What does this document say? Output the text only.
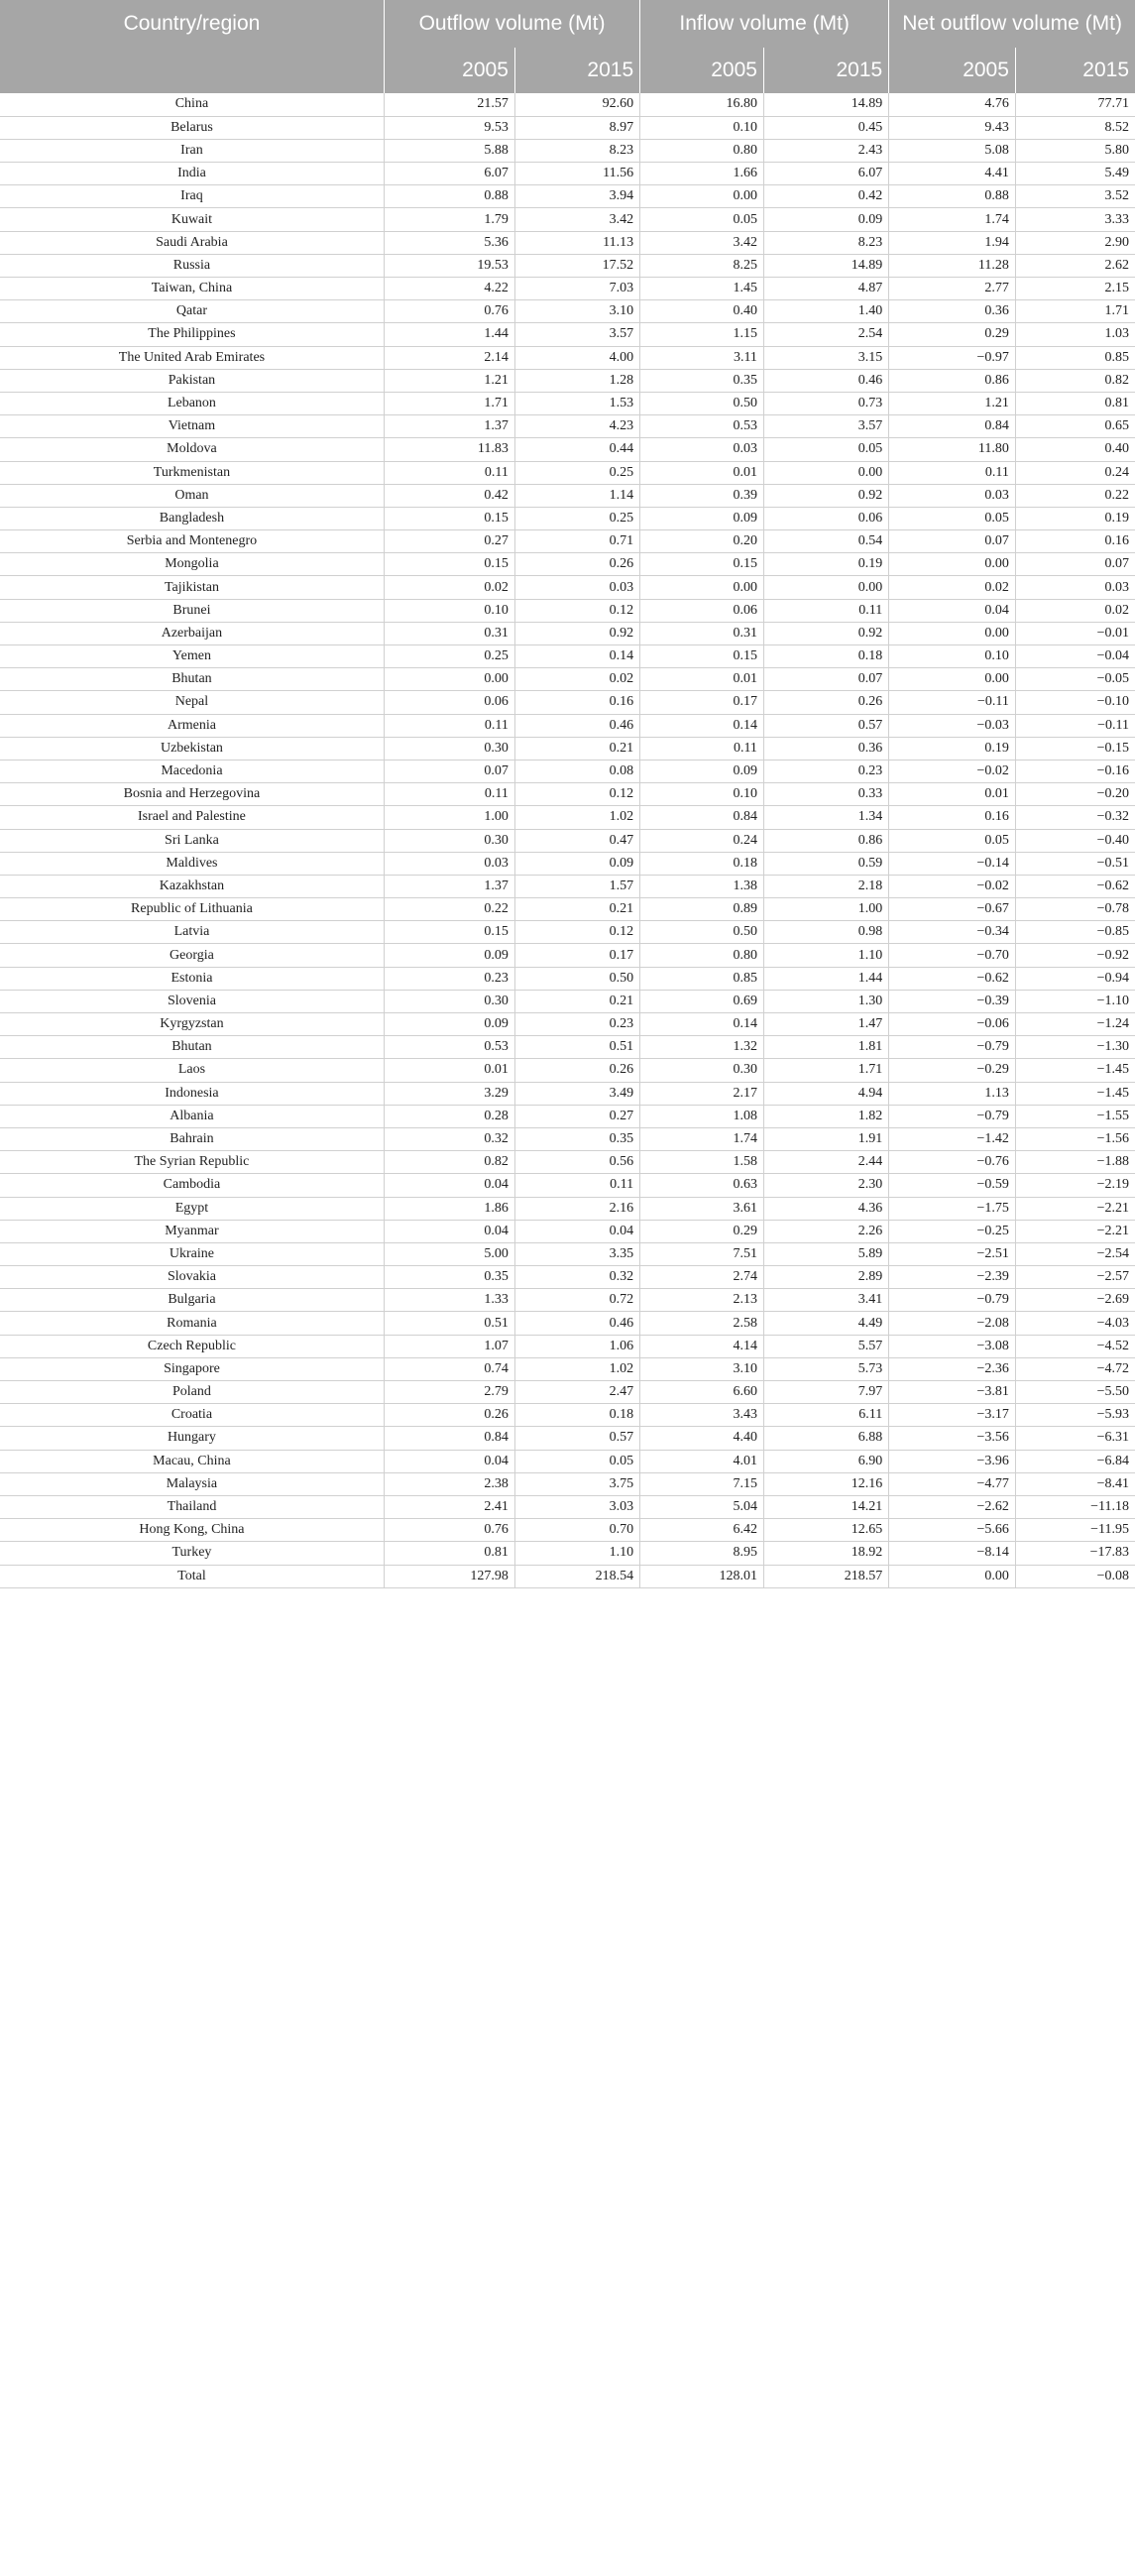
Country/region	Outflow volume (Mt)		Inflow volume (Mt)		Net outflow volume (Mt)	
	2005	2015	2005	2015	2005	2015
China	21.57	92.60	16.80	14.89	4.76	77.71
Belarus	9.53	8.97	0.10	0.45	9.43	8.52
Iran	5.88	8.23	0.80	2.43	5.08	5.80
India	6.07	11.56	1.66	6.07	4.41	5.49
Iraq	0.88	3.94	0.00	0.42	0.88	3.52
Kuwait	1.79	3.42	0.05	0.09	1.74	3.33
Saudi Arabia	5.36	11.13	3.42	8.23	1.94	2.90
Russia	19.53	17.52	8.25	14.89	11.28	2.62
Taiwan, China	4.22	7.03	1.45	4.87	2.77	2.15
Qatar	0.76	3.10	0.40	1.40	0.36	1.71
The Philippines	1.44	3.57	1.15	2.54	0.29	1.03
The United Arab Emirates	2.14	4.00	3.11	3.15	−0.97	0.85
Pakistan	1.21	1.28	0.35	0.46	0.86	0.82
Lebanon	1.71	1.53	0.50	0.73	1.21	0.81
Vietnam	1.37	4.23	0.53	3.57	0.84	0.65
Moldova	11.83	0.44	0.03	0.05	11.80	0.40
Turkmenistan	0.11	0.25	0.01	0.00	0.11	0.24
Oman	0.42	1.14	0.39	0.92	0.03	0.22
Bangladesh	0.15	0.25	0.09	0.06	0.05	0.19
Serbia and Montenegro	0.27	0.71	0.20	0.54	0.07	0.16
Mongolia	0.15	0.26	0.15	0.19	0.00	0.07
Tajikistan	0.02	0.03	0.00	0.00	0.02	0.03
Brunei	0.10	0.12	0.06	0.11	0.04	0.02
Azerbaijan	0.31	0.92	0.31	0.92	0.00	−0.01
Yemen	0.25	0.14	0.15	0.18	0.10	−0.04
Bhutan	0.00	0.02	0.01	0.07	0.00	−0.05
Nepal	0.06	0.16	0.17	0.26	−0.11	−0.10
Armenia	0.11	0.46	0.14	0.57	−0.03	−0.11
Uzbekistan	0.30	0.21	0.11	0.36	0.19	−0.15
Macedonia	0.07	0.08	0.09	0.23	−0.02	−0.16
Bosnia and Herzegovina	0.11	0.12	0.10	0.33	0.01	−0.20
Israel and Palestine	1.00	1.02	0.84	1.34	0.16	−0.32
Sri Lanka	0.30	0.47	0.24	0.86	0.05	−0.40
Maldives	0.03	0.09	0.18	0.59	−0.14	−0.51
Kazakhstan	1.37	1.57	1.38	2.18	−0.02	−0.62
Republic of Lithuania	0.22	0.21	0.89	1.00	−0.67	−0.78
Latvia	0.15	0.12	0.50	0.98	−0.34	−0.85
Georgia	0.09	0.17	0.80	1.10	−0.70	−0.92
Estonia	0.23	0.50	0.85	1.44	−0.62	−0.94
Slovenia	0.30	0.21	0.69	1.30	−0.39	−1.10
Kyrgyzstan	0.09	0.23	0.14	1.47	−0.06	−1.24
Bhutan	0.53	0.51	1.32	1.81	−0.79	−1.30
Laos	0.01	0.26	0.30	1.71	−0.29	−1.45
Indonesia	3.29	3.49	2.17	4.94	1.13	−1.45
Albania	0.28	0.27	1.08	1.82	−0.79	−1.55
Bahrain	0.32	0.35	1.74	1.91	−1.42	−1.56
The Syrian Republic	0.82	0.56	1.58	2.44	−0.76	−1.88
Cambodia	0.04	0.11	0.63	2.30	−0.59	−2.19
Egypt	1.86	2.16	3.61	4.36	−1.75	−2.21
Myanmar	0.04	0.04	0.29	2.26	−0.25	−2.21
Ukraine	5.00	3.35	7.51	5.89	−2.51	−2.54
Slovakia	0.35	0.32	2.74	2.89	−2.39	−2.57
Bulgaria	1.33	0.72	2.13	3.41	−0.79	−2.69
Romania	0.51	0.46	2.58	4.49	−2.08	−4.03
Czech Republic	1.07	1.06	4.14	5.57	−3.08	−4.52
Singapore	0.74	1.02	3.10	5.73	−2.36	−4.72
Poland	2.79	2.47	6.60	7.97	−3.81	−5.50
Croatia	0.26	0.18	3.43	6.11	−3.17	−5.93
Hungary	0.84	0.57	4.40	6.88	−3.56	−6.31
Macau, China	0.04	0.05	4.01	6.90	−3.96	−6.84
Malaysia	2.38	3.75	7.15	12.16	−4.77	−8.41
Thailand	2.41	3.03	5.04	14.21	−2.62	−11.18
Hong Kong, China	0.76	0.70	6.42	12.65	−5.66	−11.95
Turkey	0.81	1.10	8.95	18.92	−8.14	−17.83
Total	127.98	218.54	128.01	218.57	0.00	−0.08
